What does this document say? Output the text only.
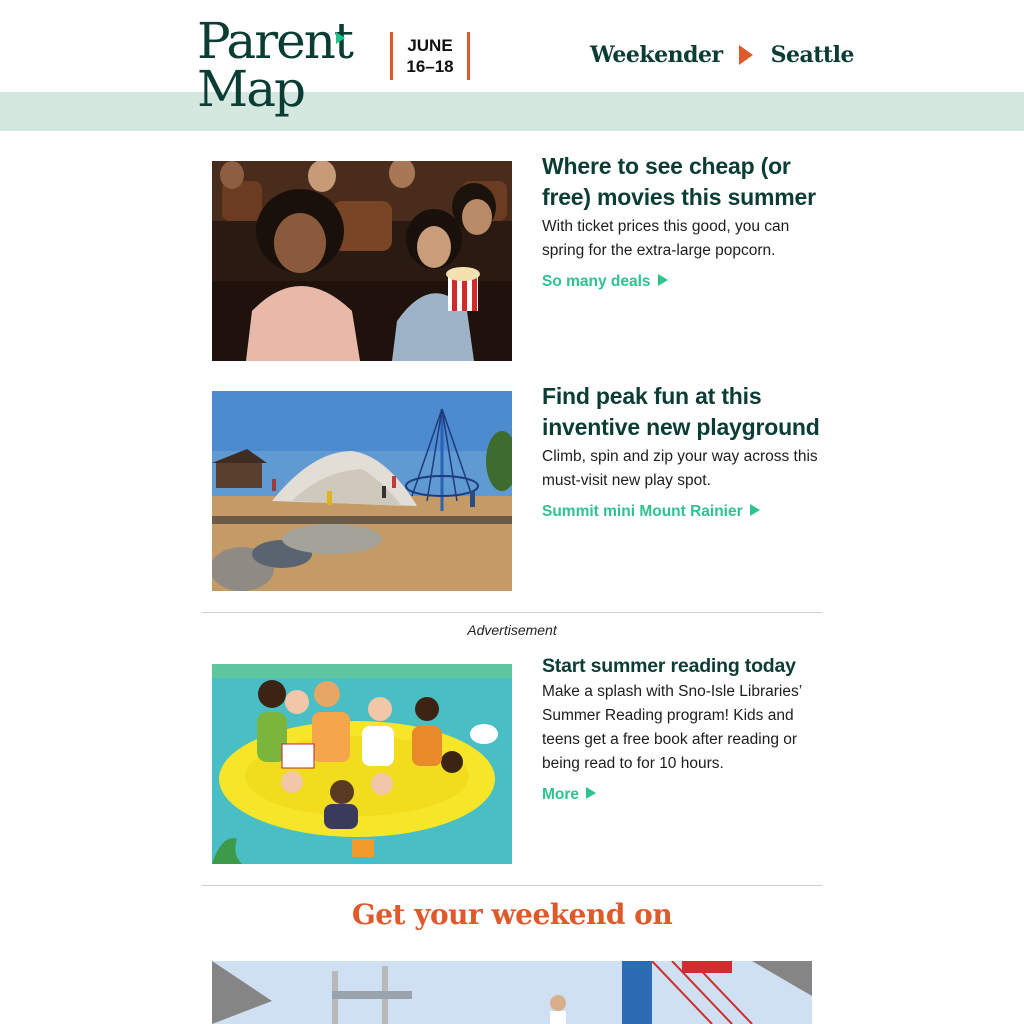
Parent
Map
JUNE
16–18	Weekender Seattle
Where to see cheap (or free) movies this summer

With ticket prices this good, you can spring for the extra-large popcorn.

So many deals
Find peak fun at this inventive new playground

Climb, spin and zip your way across this must-visit new play spot.

Summit mini Mount Rainier
Advertisement
Start summer reading today

Make a splash with Sno-Isle Libraries’ Summer Reading program! Kids and teens get a free book after reading or being read to for 10 hours.

More
Get your weekend on
